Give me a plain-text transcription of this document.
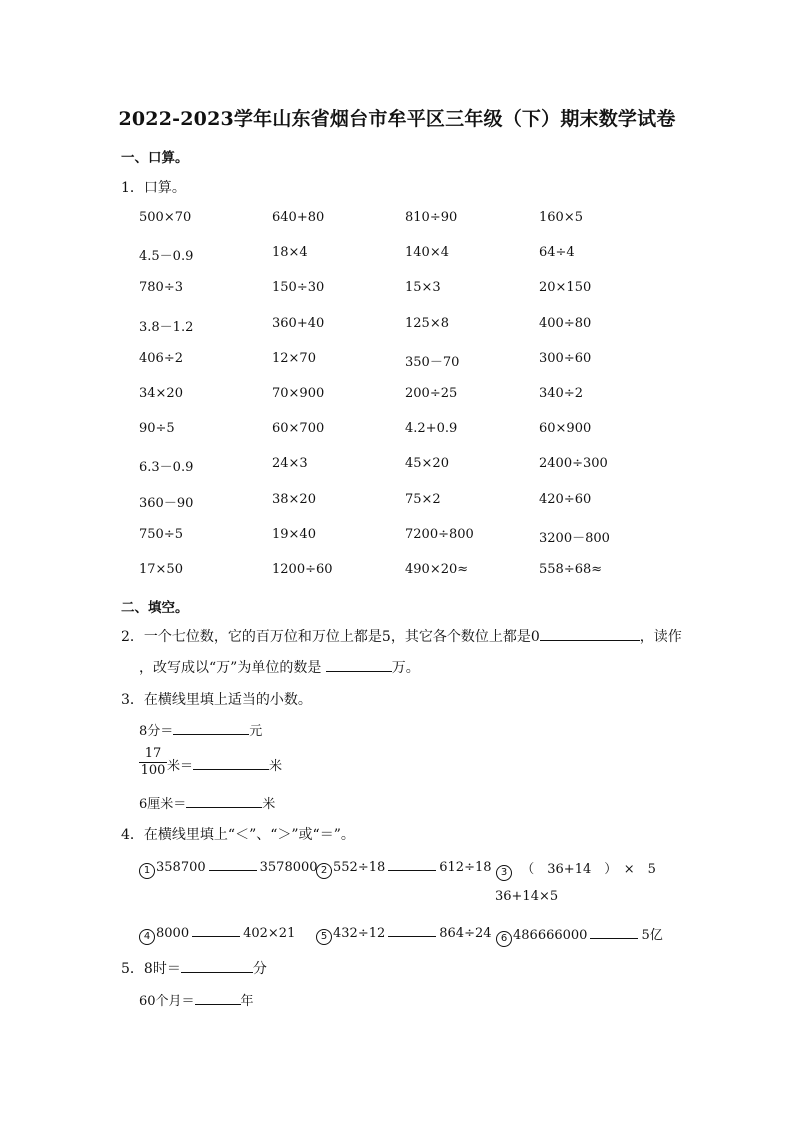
2022-2023学年山东省烟台市牟平区三年级（下）期末数学试卷
一、口算。
1．口算。
500×70	640+80	810÷90	160×5
4.5－0.9	18×4	140×4	64÷4
780÷3	150÷30	15×3	20×150
3.8－1.2	360+40	125×8	400÷80
406÷2	12×70	350－70	300÷60
34×20	70×900	200÷25	340÷2
90÷5	60×700	4.2+0.9	60×900
6.3－0.9	24×3	45×20	2400÷300
360－90	38×20	75×2	420÷60
750÷5	19×40	7200÷800	3200－800
17×50	1200÷60	490×20≈	558÷68≈
二、填空。
2．一个七位数，它的百万位和万位上都是5，其它各个数位上都是0	，读作
，改写成以“万”为单位的数是	万。
3．在横线里填上适当的小数。
8分＝	元
$\frac{17}{100}$ 米＝	米
6厘米＝	米
4．在横线里填上“＜”、“＞”或“＝”。
1 358700	3578000 2 552÷18	612÷18 3 （　36+14　）　×　5
36+14×5
4 8000	402×21	5 432÷12	864÷24 6 486666000	5亿
5．8时＝	分
60个月＝	年
